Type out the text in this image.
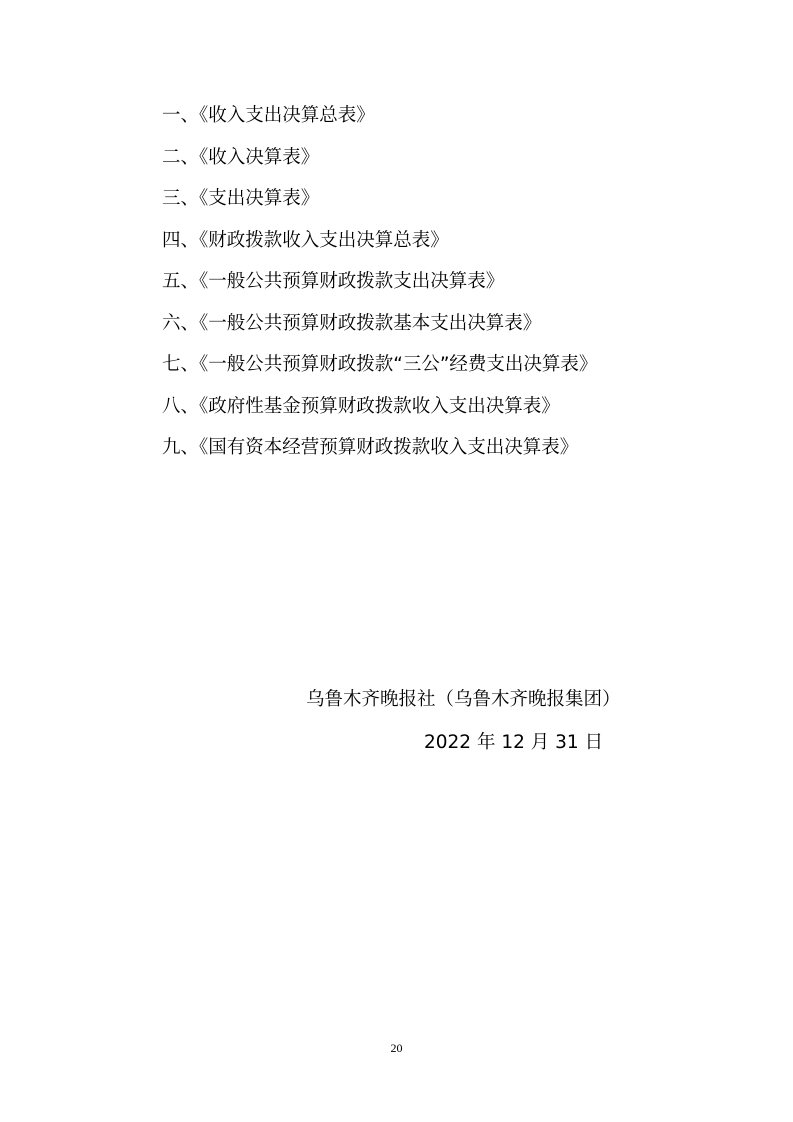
一、《收入支出决算总表》
二、《收入决算表》
三、《支出决算表》
四、《财政拨款收入支出决算总表》
五、《一般公共预算财政拨款支出决算表》
六、《一般公共预算财政拨款基本支出决算表》
七、《一般公共预算财政拨款“三公”经费支出决算表》
八、《政府性基金预算财政拨款收入支出决算表》
九、《国有资本经营预算财政拨款收入支出决算表》
乌鲁木齐晚报社（乌鲁木齐晚报集团）
2022 年 12 月 31 日
20
